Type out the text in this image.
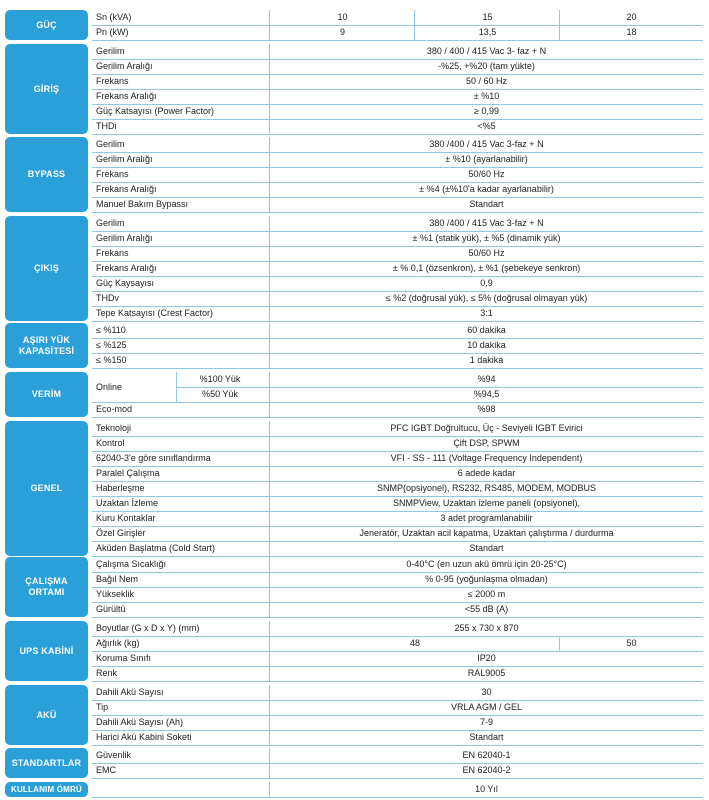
GÜÇ
Sn (kVA)	10	15	20
Pn (kW)	9	13,5	18
GİRİŞ
Gerilim	380 / 400 / 415 Vac 3- faz + N
Gerilim Aralığı	-%25, +%20 (tam yükte)
Frekans	50 / 60 Hz
Frekans Aralığı	± %10
Güç Katsayısı (Power Factor)	≥ 0,99
THDi	<%5
BYPASS
Gerilim	380 /400 / 415 Vac 3-faz + N
Gerilim Aralığı	± %10 (ayarlanabilir)
Frekans	50/60 Hz
Frekans Aralığı	± %4 (±%10'a kadar ayarlanabilir)
Manuel Bakım Bypassı	Standart
ÇIKIŞ
Gerilim	380 /400 / 415 Vac 3-faz + N
Gerilim Aralığı	± %1 (statik yük), ± %5 (dinamik yük)
Frekans	50/60 Hz
Frekans Aralığı	± % 0,1 (özsenkron), ± %1 (şebekeye senkron)
Güç Kaysayısı	0,9
THDv	≤ %2 (doğrusal yük), ≤ 5% (doğrusal olmayan yük)
Tepe Katsayısı (Crest Factor)	3:1
AŞIRI YÜK
KAPASİTESİ
≤ %110	60 dakika
≤ %125	10 dakika
≤ %150	1 dakika
VERİM
Online
%100 Yük	%94
%50 Yük	%94,5
Eco-mod	%98
GENEL
Teknoloji	PFC IGBT Doğrultucu, Üç - Seviyeli IGBT Evirici
Kontrol	Çift DSP, SPWM
62040-3'e göre sınıflandırma	VFI - SS - 111 (Voltage Frequency Independent)
Paralel Çalışma	6 adede kadar
Haberleşme	SNMP(opsiyonel), RS232, RS485, MODEM, MODBUS
Uzaktan İzleme	SNMPView, Uzaktan izleme paneli (opsiyonel),
Kuru Kontaklar	3 adet programlanabilir
Özel Girişler	Jeneratör, Uzaktan acil kapatma, Uzaktan çalıştırma / durdurma
Aküden Başlatma (Cold Start)	Standart
ÇALIŞMA
ORTAMI
Çalışma Sıcaklığı	0-40°C (en uzun akü ömrü için 20-25°C)
Bağıl Nem	% 0-95 (yoğunlaşma olmadan)
Yükseklik	≤ 2000 m
Gürültü	<55 dB (A)
UPS KABİNİ
Boyutlar (G x D x Y) (mm)	255 x 730 x 870
Ağırlık (kg)	48	50
Koruma Sınıfı	IP20
Renk	RAL9005
AKÜ
Dahili Akü Sayısı	30
Tip	VRLA AGM / GEL
Dahili Akü Sayısı (Ah)	7-9
Harici Akü Kabini Soketi	Standart
STANDARTLAR
Güvenlik	EN 62040-1
EMC	EN 62040-2
KULLANIM ÖMRÜ	10 Yıl
